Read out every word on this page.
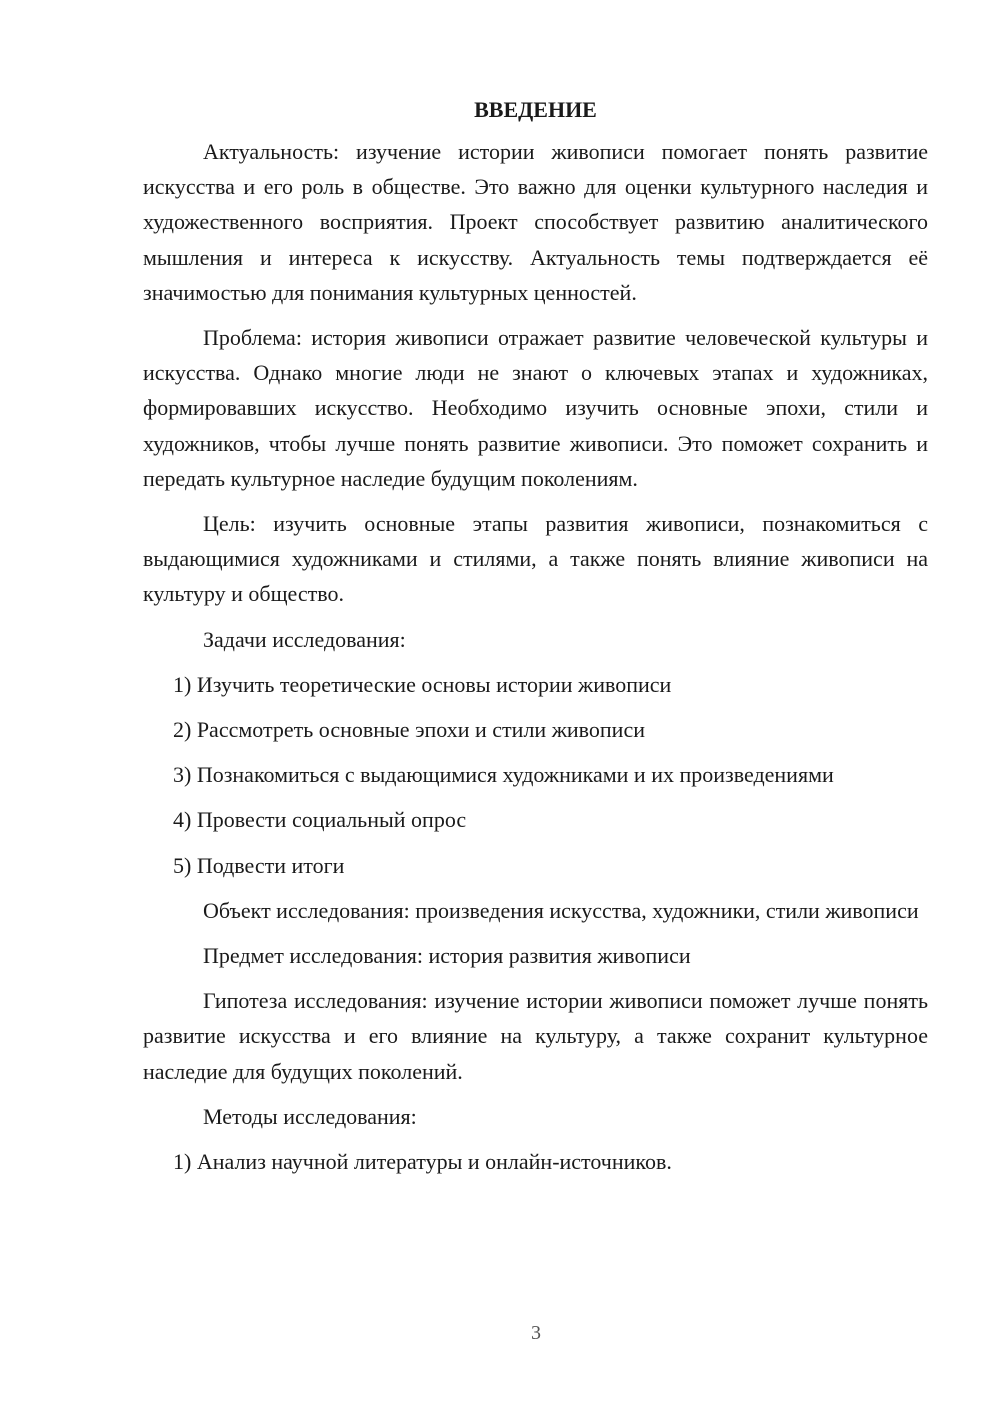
ВВЕДЕНИЕ

Актуальность: изучение истории живописи помогает понять развитие искусства и его роль в обществе. Это важно для оценки культурного наследия и художественного восприятия. Проект способствует развитию аналитического мышления и интереса к искусству. Актуальность темы подтверждается её значимостью для понимания культурных ценностей.

Проблема: история живописи отражает развитие человеческой культуры и искусства. Однако многие люди не знают о ключевых этапах и художниках, формировавших искусство. Необходимо изучить основные эпохи, стили и художников, чтобы лучше понять развитие живописи. Это поможет сохранить и передать культурное наследие будущим поколениям.

Цель: изучить основные этапы развития живописи, познакомиться с выдающимися художниками и стилями, а также понять влияние живописи на культуру и общество.

Задачи исследования:

1) Изучить теоретические основы истории живописи
2) Рассмотреть основные эпохи и стили живописи
3) Познакомиться с выдающимися художниками и их произведениями
4) Провести социальный опрос
5) Подвести итоги

Объект исследования: произведения искусства, художники, стили живописи

Предмет исследования: история развития живописи

Гипотеза исследования: изучение истории живописи поможет лучше понять развитие искусства и его влияние на культуру, а также сохранит культурное наследие для будущих поколений.

Методы исследования:

1) Анализ научной литературы и онлайн-источников.
3
